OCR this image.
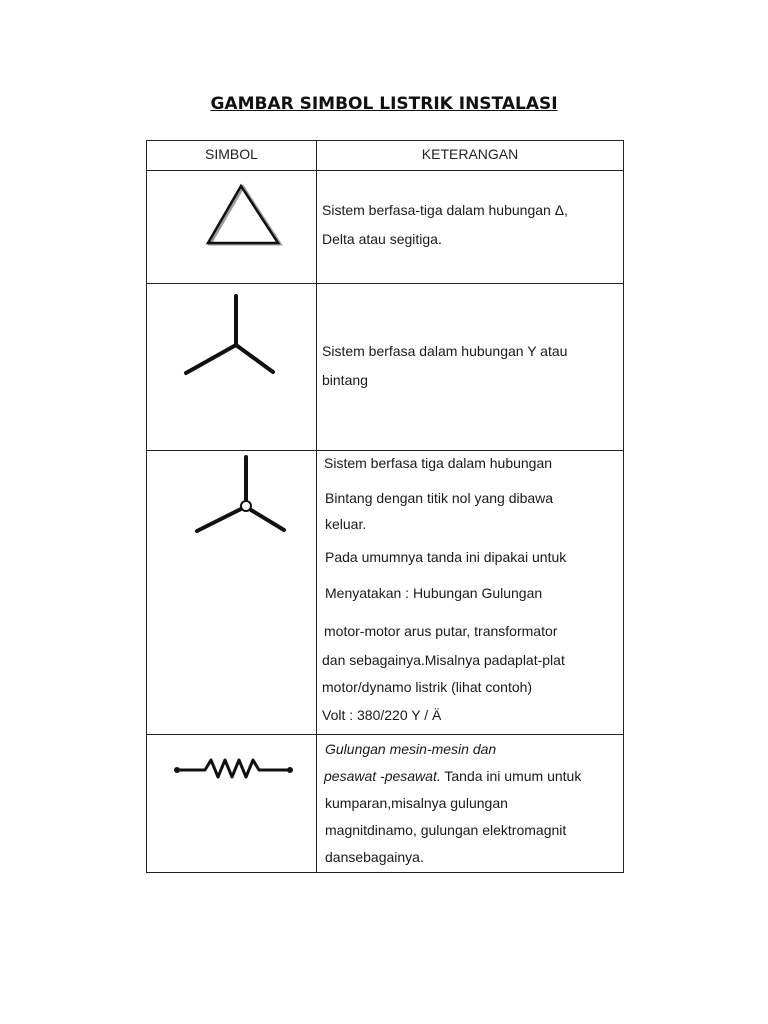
GAMBAR SIMBOL LISTRIK INSTALASI
SIMBOL	KETERANGAN
Sistem berfasa-tiga dalam hubungan Δ,
Delta atau segitiga.
Sistem berfasa dalam hubungan Y atau
bintang
Sistem berfasa tiga dalam hubungan
Bintang dengan titik nol yang dibawa
keluar.
Pada umumnya tanda ini dipakai untuk
Menyatakan : Hubungan Gulungan
motor-motor arus putar, transformator
dan sebagainya.Misalnya padaplat-plat
motor/dynamo listrik (lihat contoh)
Volt : 380/220 Y / Ä
Gulungan mesin-mesin dan
pesawat -pesawat. Tanda ini umum untuk
kumparan,misalnya gulungan
magnitdinamo, gulungan elektromagnit
dansebagainya.
